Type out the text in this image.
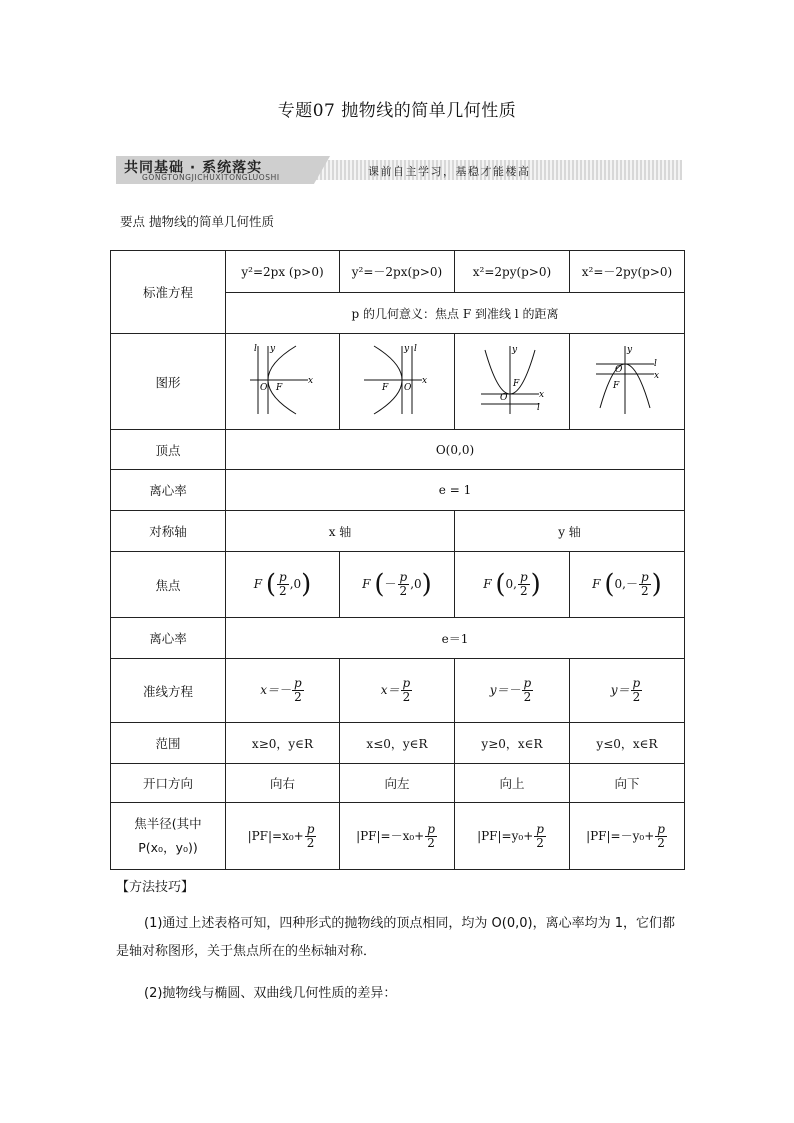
专题07 抛物线的简单几何性质
课前自主学习，基稳才能楼高
共同基础 · 系统落实
GONGTONGJICHUXITONGLUOSHI
要点 抛物线的简单几何性质
标准方程	y²=2px (p>0)	y²=－2px(p>0)	x²=2py(p>0)	x²=－2py(p>0)
	p 的几何意义：焦点 F 到准线 l 的距离			
图形	l y
x
O F	l
y
x
O
F	y
F
O x
l	y
l
O
x
F

顶点	O(0,0)			
离心率	e = 1			
对称轴	x 轴		y 轴	
焦点	F ( $\frac{p}{2} ,0$)	F (－ $\frac{p}{2} ,0$)	F (0, $\frac{p}{2}$ )	F ($0,- \frac{p}{2}$ )
离心率	e＝1			
准线方程	$x=- \frac{p}{2}$	$x= \frac{p}{2}$	$y=- \frac{p}{2}$	$y= \frac{p}{2}$

范围	x≥0，y∈R	x≤0，y∈R	y≥0，x∈R	y≤0，x∈R
开口方向	向右	向左	向上	向下
焦半径(其中 P(x₀，y₀))	$|PF|=x_0+ \frac{p}{2}$	$|PF|=-x_0+ \frac{p}{2}$	$|PF|=y_0+ \frac{p}{2}$	$|PF|=-y_0+ \frac{p}{2}$
【方法技巧】
(1)通过上述表格可知，四种形式的抛物线的顶点相同，均为 O(0,0)，离心率均为 1，它们都是轴对称图形，关于焦点所在的坐标轴对称．
(2)抛物线与椭圆、双曲线几何性质的差异：
